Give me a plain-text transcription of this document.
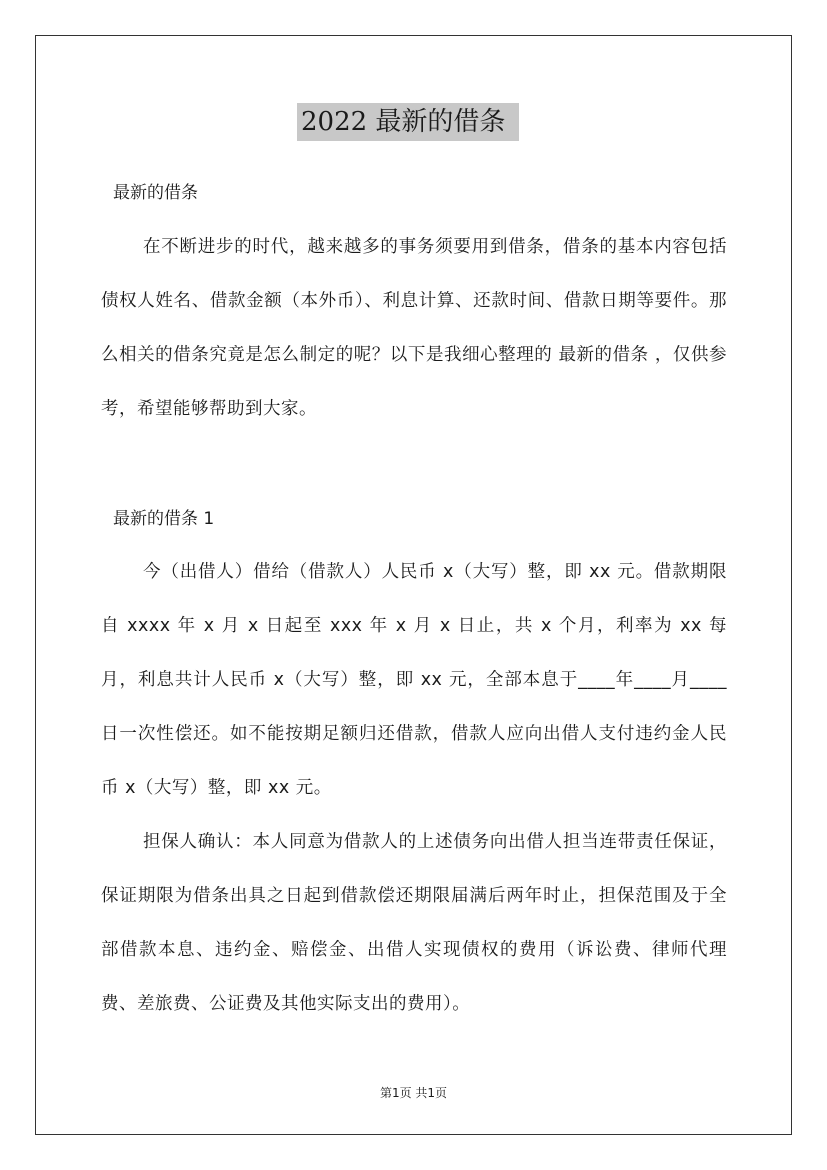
2022 最新的借条
最新的借条

在不断进步的时代，越来越多的事务须要用到借条，借条的基本内容包括债权人姓名、借款金额（本外币）、利息计算、还款时间、借款日期等要件。那么相关的借条究竟是怎么制定的呢？以下是我细心整理的 最新的借条 ，仅供参考，希望能够帮助到大家。

最新的借条 1

今（出借人）借给（借款人）人民币 x（大写）整，即 xx 元。借款期限自 xxxx 年 x 月 x 日起至 xxx 年 x 月 x 日止，共 x 个月，利率为 xx 每月，利息共计人民币 x（大写）整，即 xx 元，全部本息于____年____月____日一次性偿还。如不能按期足额归还借款，借款人应向出借人支付违约金人民币 x（大写）整，即 xx 元。

担保人确认：本人同意为借款人的上述债务向出借人担当连带责任保证，保证期限为借条出具之日起到借款偿还期限届满后两年时止，担保范围及于全部借款本息、违约金、赔偿金、出借人实现债权的费用（诉讼费、律师代理费、差旅费、公证费及其他实际支出的费用）。

第1页 共1页
